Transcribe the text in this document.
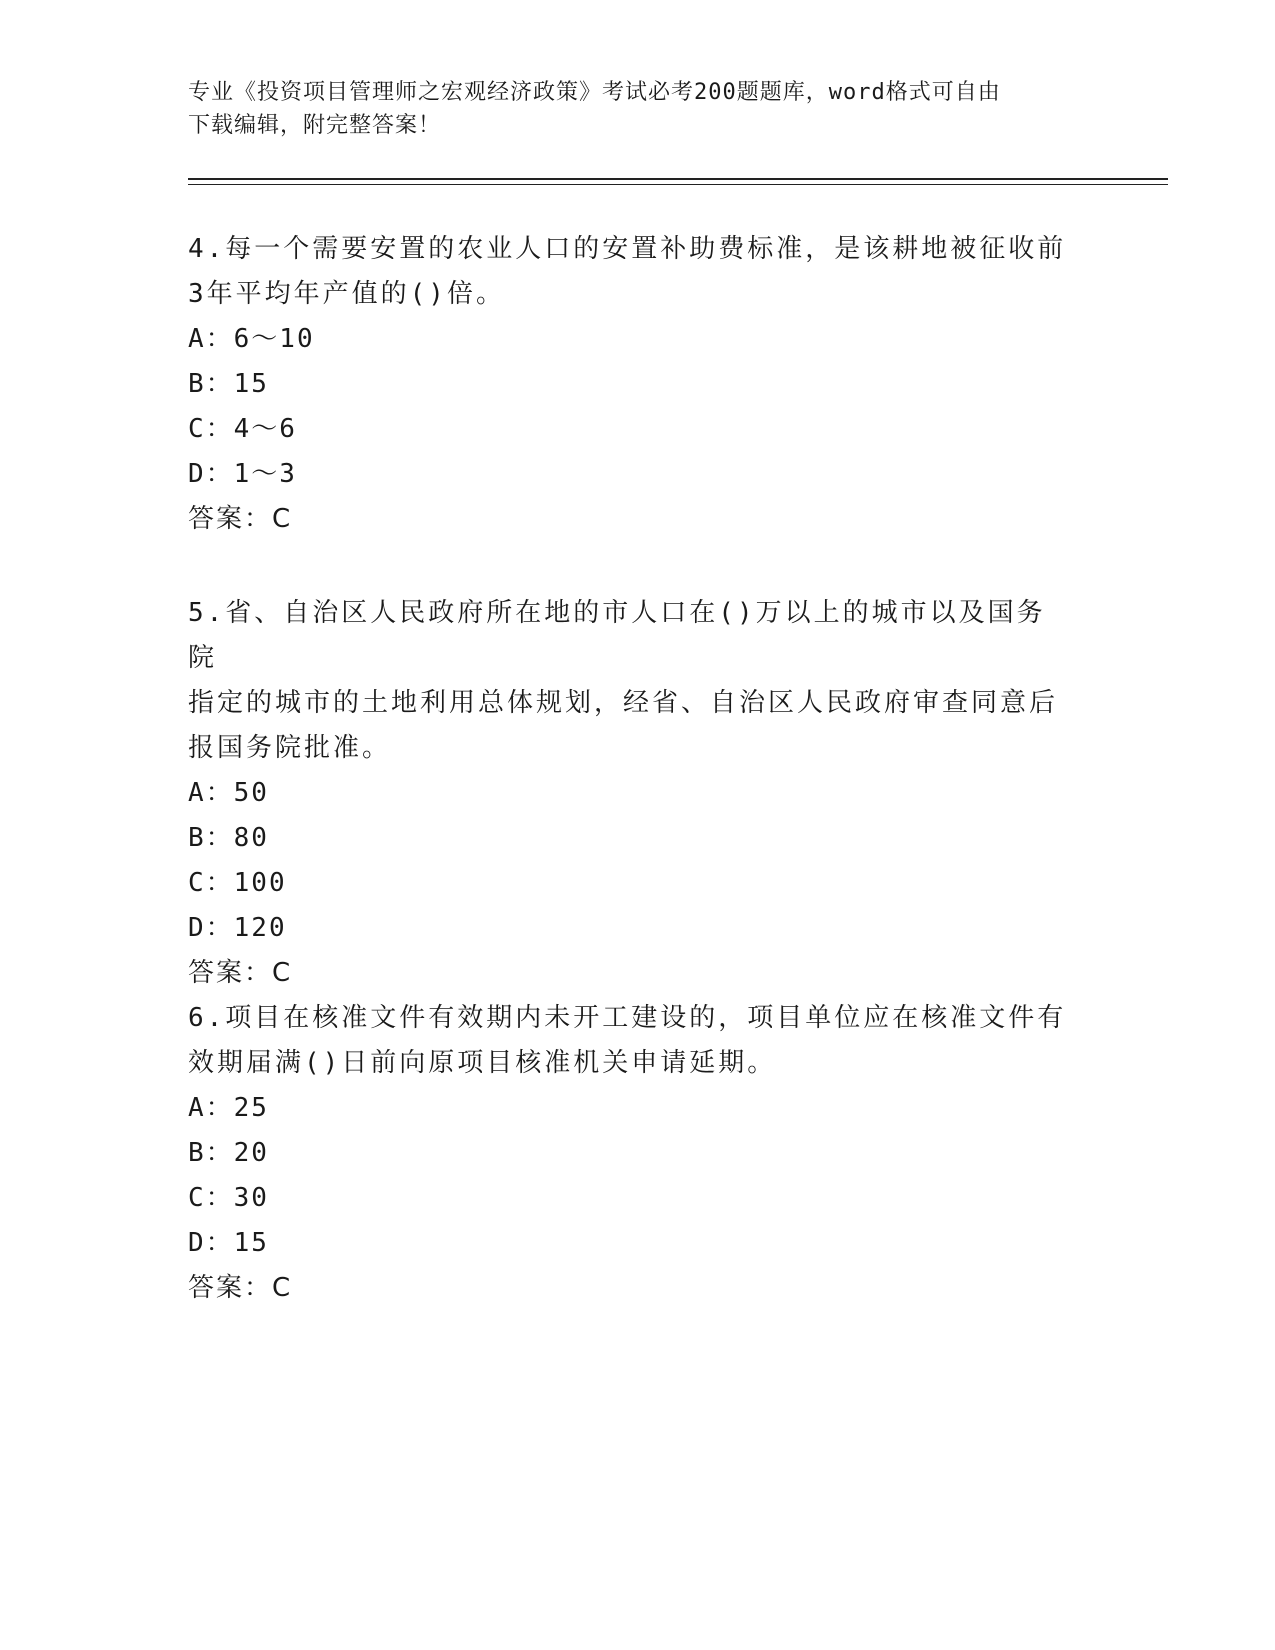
专业《投资项目管理师之宏观经济政策》考试必考200题题库，word格式可自由
下载编辑，附完整答案！

4.每一个需要安置的农业人口的安置补助费标准，是该耕地被征收前

3年平均年产值的()倍。

A：6～10

B：15

C：4～6

D：1～3

答案：C

5.省、自治区人民政府所在地的市人口在()万以上的城市以及国务院

指定的城市的土地利用总体规划，经省、自治区人民政府审查同意后

报国务院批准。

A：50

B：80

C：100

D：120

答案：C

6.项目在核准文件有效期内未开工建设的，项目单位应在核准文件有

效期届满()日前向原项目核准机关申请延期。

A：25

B：20

C：30

D：15

答案：C
